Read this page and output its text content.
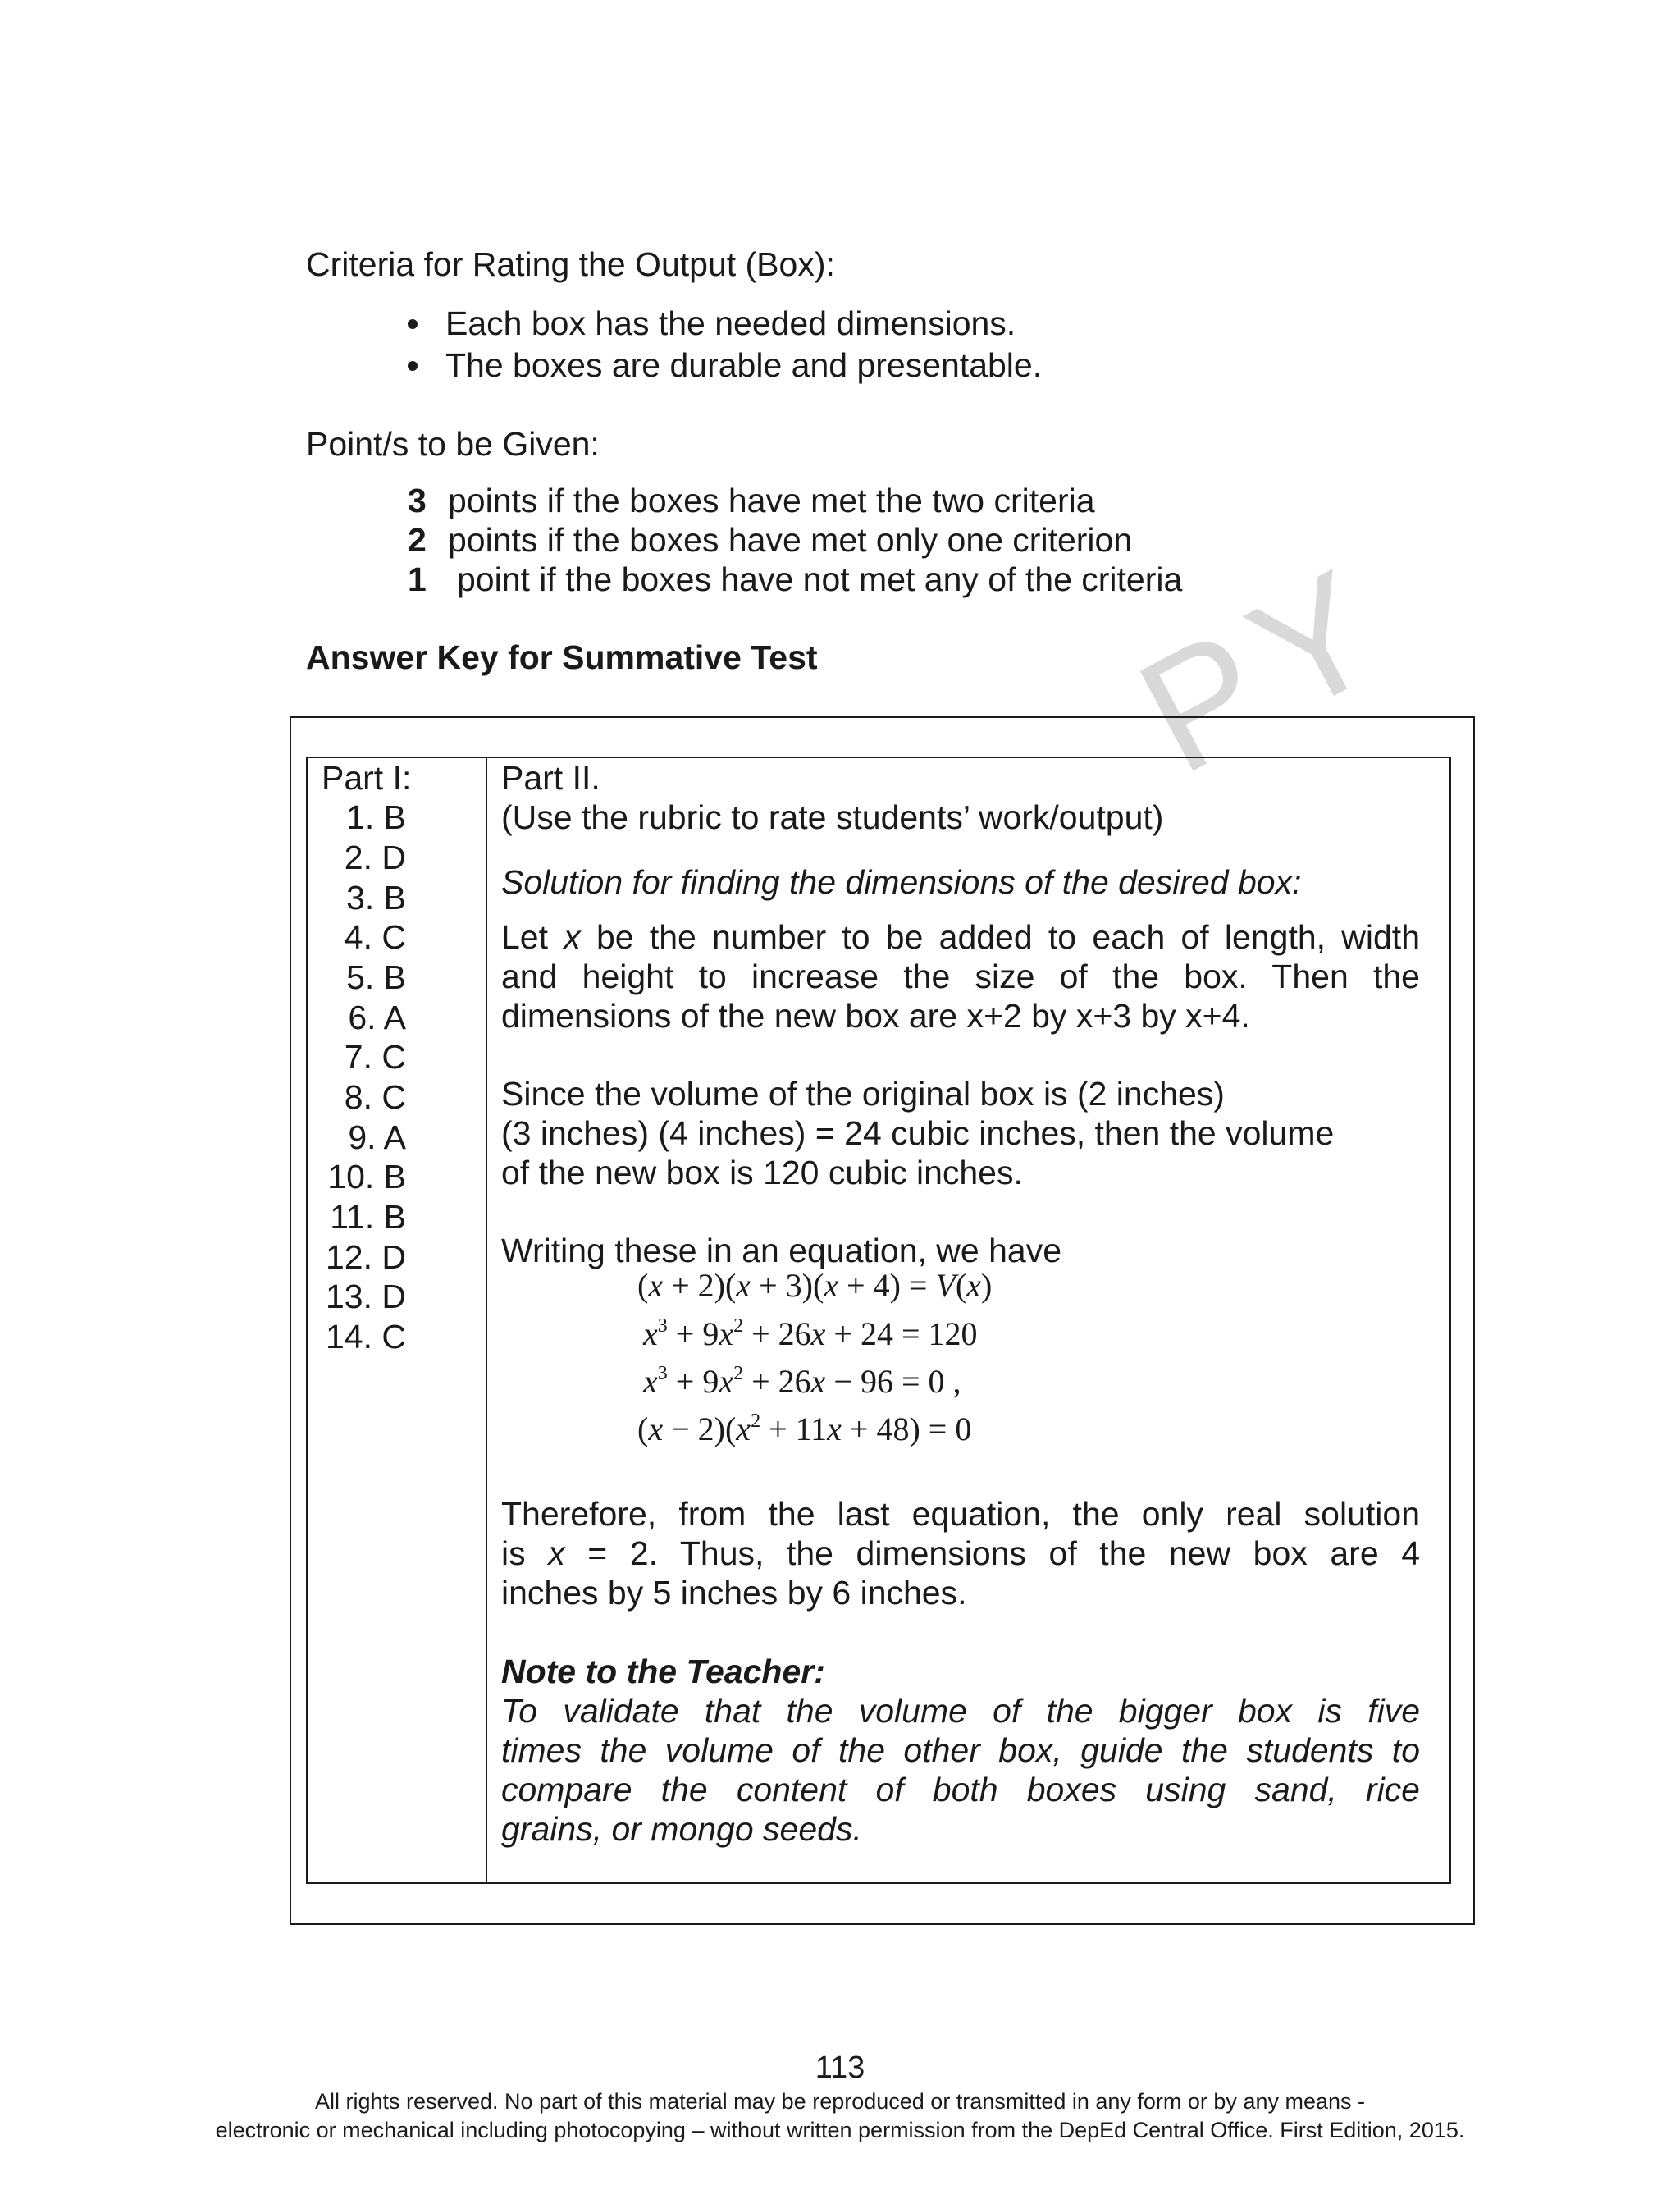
PY
Criteria for Rating the Output (Box):
Each box has the needed dimensions.
The boxes are durable and presentable.
Point/s to be Given:
3 points if the boxes have met the two criteria
2 points if the boxes have met only one criterion
1 point if the boxes have not met any of the criteria
Answer Key for Summative Test
Part I:
1. B
2. D
3. B
4. C
5. B
6. A
7. C
8. C
9. A
10. B
11. B
12. D
13. D
14. C
Part II.
(Use the rubric to rate students’ work/output)
Solution for finding the dimensions of the desired box:
Let x be the number to be added to each of length, width
and height to increase the size of the box. Then the
dimensions of the new box are x+2 by x+3 by x+4.
Since the volume of the original box is (2 inches)
(3 inches) (4 inches) = 24 cubic inches, then the volume
of the new box is 120 cubic inches.
Writing these in an equation, we have
(x + 2)(x + 3)(x + 4) = V(x)
$x^3 + 9x^2 + 26x + 24 = 120$
$x^3 + 9x^2 + 26x - 96 = 0$ ,
$(x - 2)(x^2 + 11x + 48) = 0$
Therefore, from the last equation, the only real solution
is x = 2. Thus, the dimensions of the new box are 4
inches by 5 inches by 6 inches.
Note to the Teacher:
To validate that the volume of the bigger box is five
times the volume of the other box, guide the students to
compare the content of both boxes using sand, rice
grains, or mongo seeds.
113
All rights reserved. No part of this material may be reproduced or transmitted in any form or by any means -
electronic or mechanical including photocopying – without written permission from the DepEd Central Office. First Edition, 2015.
